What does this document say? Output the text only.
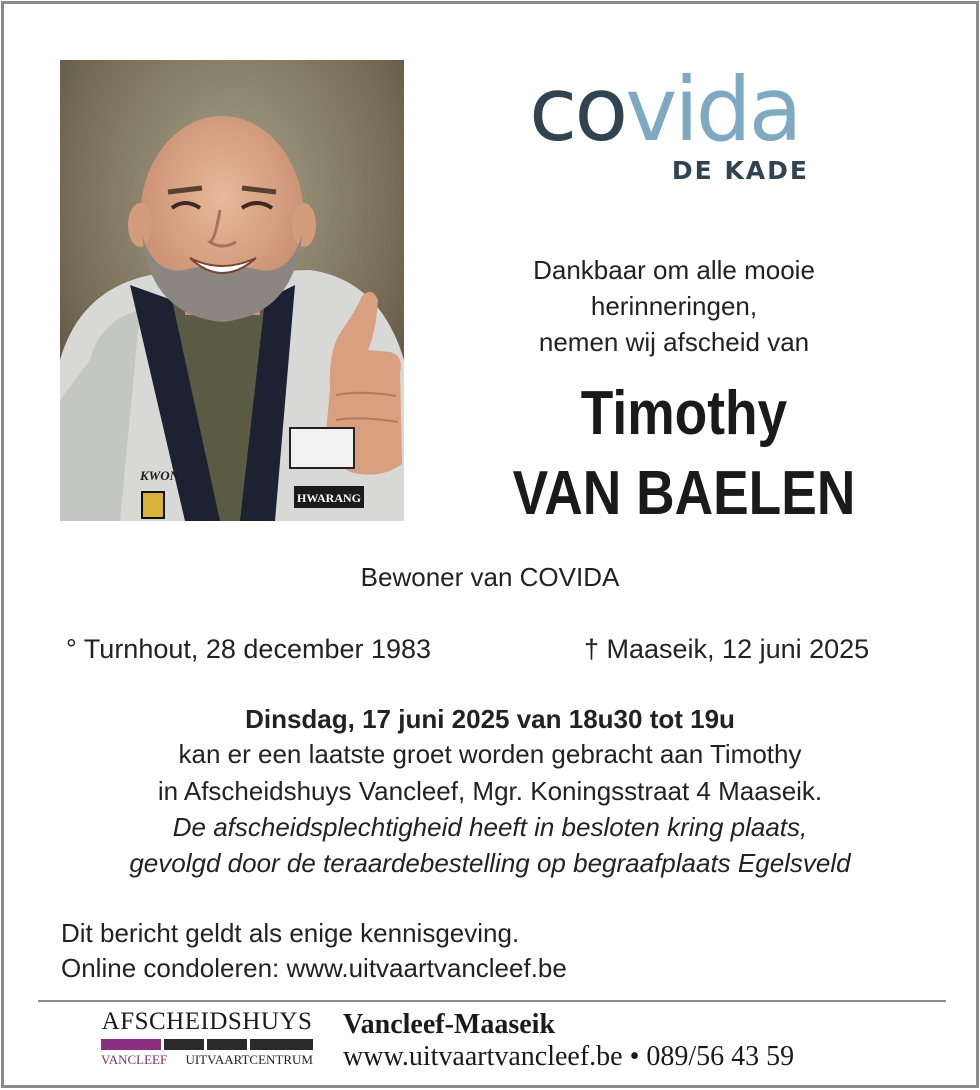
HWARANG
KWON
covida
DE KADE
Dankbaar om alle mooie
herinneringen,
nemen wij afscheid van
Timothy
VAN BAELEN
Bewoner van COVIDA
° Turnhout, 28 december 1983	† Maaseik, 12 juni 2025
Dinsdag, 17 juni 2025 van 18u30 tot 19u
kan er een laatste groet worden gebracht aan Timothy
in Afscheidshuys Vancleef, Mgr. Koningsstraat 4 Maaseik.
De afscheidsplechtigheid heeft in besloten kring plaats,
gevolgd door de teraardebestelling op begraafplaats Egelsveld
Dit bericht geldt als enige kennisgeving.
Online condoleren: www.uitvaartvancleef.be
AFSCHEIDSHUYS
VANCLEEF UITVAARTCENTRUM
Vancleef-Maaseik
www.uitvaartvancleef.be • 089/56 43 59
